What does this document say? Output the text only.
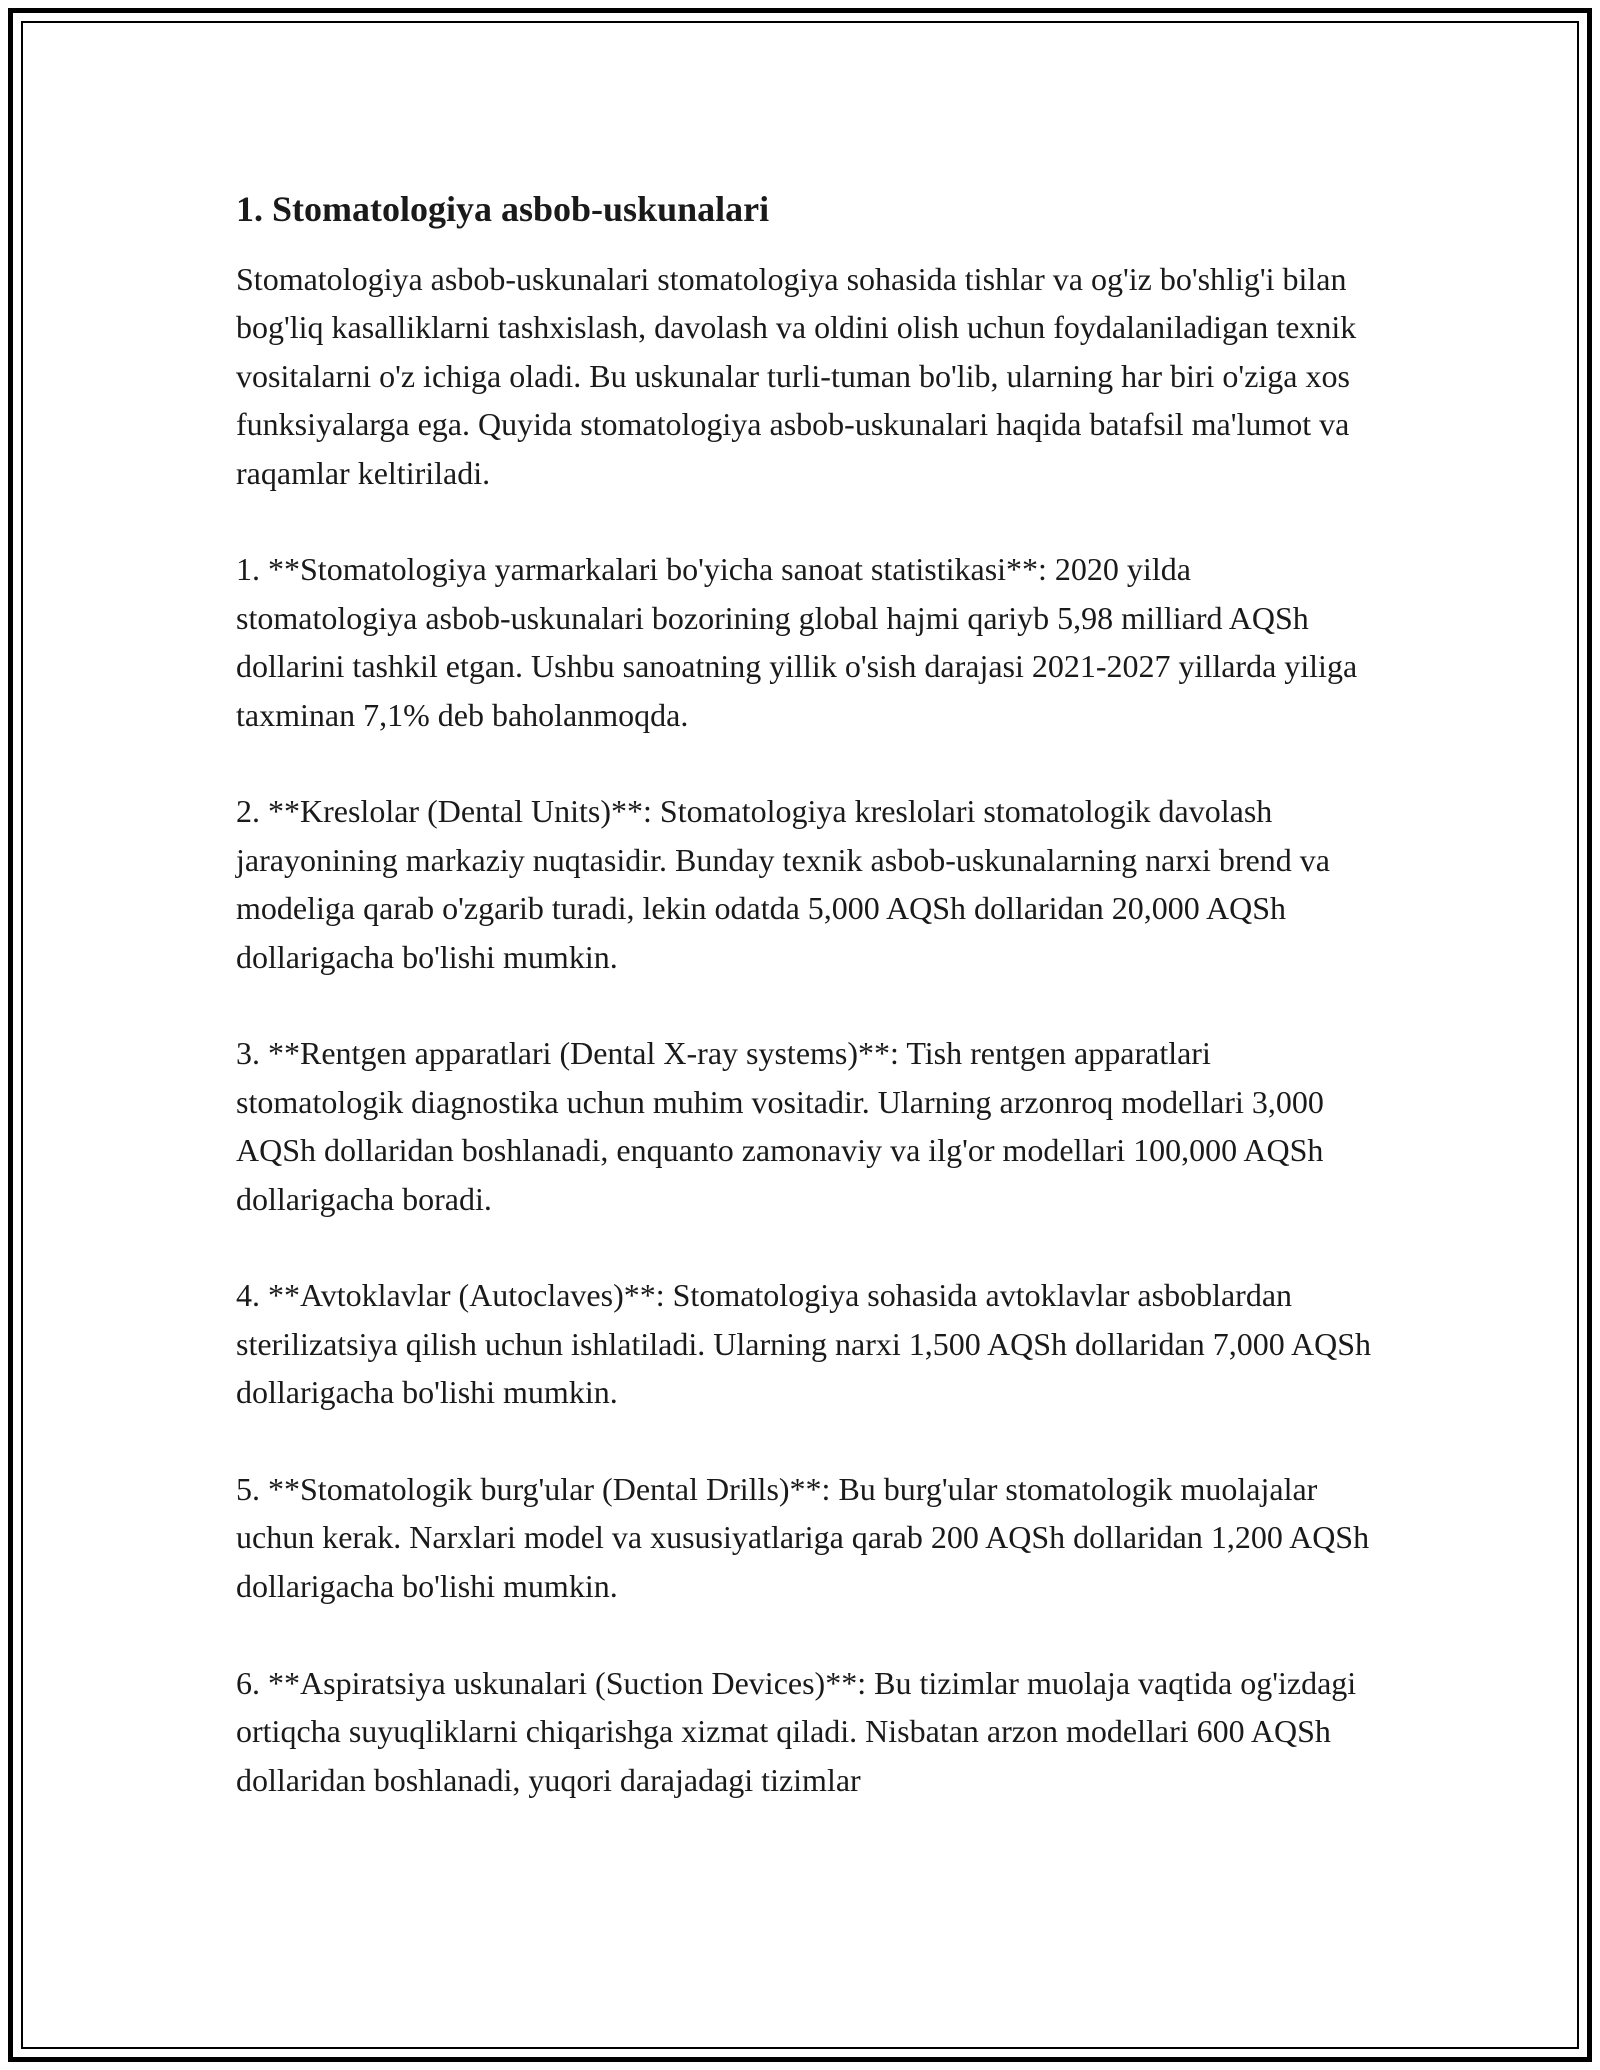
1. Stomatologiya asbob-uskunalari

Stomatologiya asbob-uskunalari stomatologiya sohasida tishlar va og'iz bo'shlig'i bilan bog'liq kasalliklarni tashxislash, davolash va oldini olish uchun foydalaniladigan texnik vositalarni o'z ichiga oladi. Bu uskunalar turli-tuman bo'lib, ularning har biri o'ziga xos funksiyalarga ega. Quyida stomatologiya asbob-uskunalari haqida batafsil ma'lumot va raqamlar keltiriladi.

1. **Stomatologiya yarmarkalari bo'yicha sanoat statistikasi**: 2020 yilda stomatologiya asbob-uskunalari bozorining global hajmi qariyb 5,98 milliard AQSh dollarini tashkil etgan. Ushbu sanoatning yillik o'sish darajasi 2021-2027 yillarda yiliga taxminan 7,1% deb baholanmoqda.

2. **Kreslolar (Dental Units)**: Stomatologiya kreslolari stomatologik davolash jarayonining markaziy nuqtasidir. Bunday texnik asbob-uskunalarning narxi brend va modeliga qarab o'zgarib turadi, lekin odatda 5,000 AQSh dollaridan 20,000 AQSh dollarigacha bo'lishi mumkin.

3. **Rentgen apparatlari (Dental X-ray systems)**: Tish rentgen apparatlari stomatologik diagnostika uchun muhim vositadir. Ularning arzonroq modellari 3,000 AQSh dollaridan boshlanadi, enquanto zamonaviy va ilg'or modellari 100,000 AQSh dollarigacha boradi.

4. **Avtoklavlar (Autoclaves)**: Stomatologiya sohasida avtoklavlar asboblardan sterilizatsiya qilish uchun ishlatiladi. Ularning narxi 1,500 AQSh dollaridan 7,000 AQSh dollarigacha bo'lishi mumkin.

5. **Stomatologik burg'ular (Dental Drills)**: Bu burg'ular stomatologik muolajalar uchun kerak. Narxlari model va xususiyatlariga qarab 200 AQSh dollaridan 1,200 AQSh dollarigacha bo'lishi mumkin.

6. **Aspiratsiya uskunalari (Suction Devices)**: Bu tizimlar muolaja vaqtida og'izdagi ortiqcha suyuqliklarni chiqarishga xizmat qiladi. Nisbatan arzon modellari 600 AQSh dollaridan boshlanadi, yuqori darajadagi tizimlar
